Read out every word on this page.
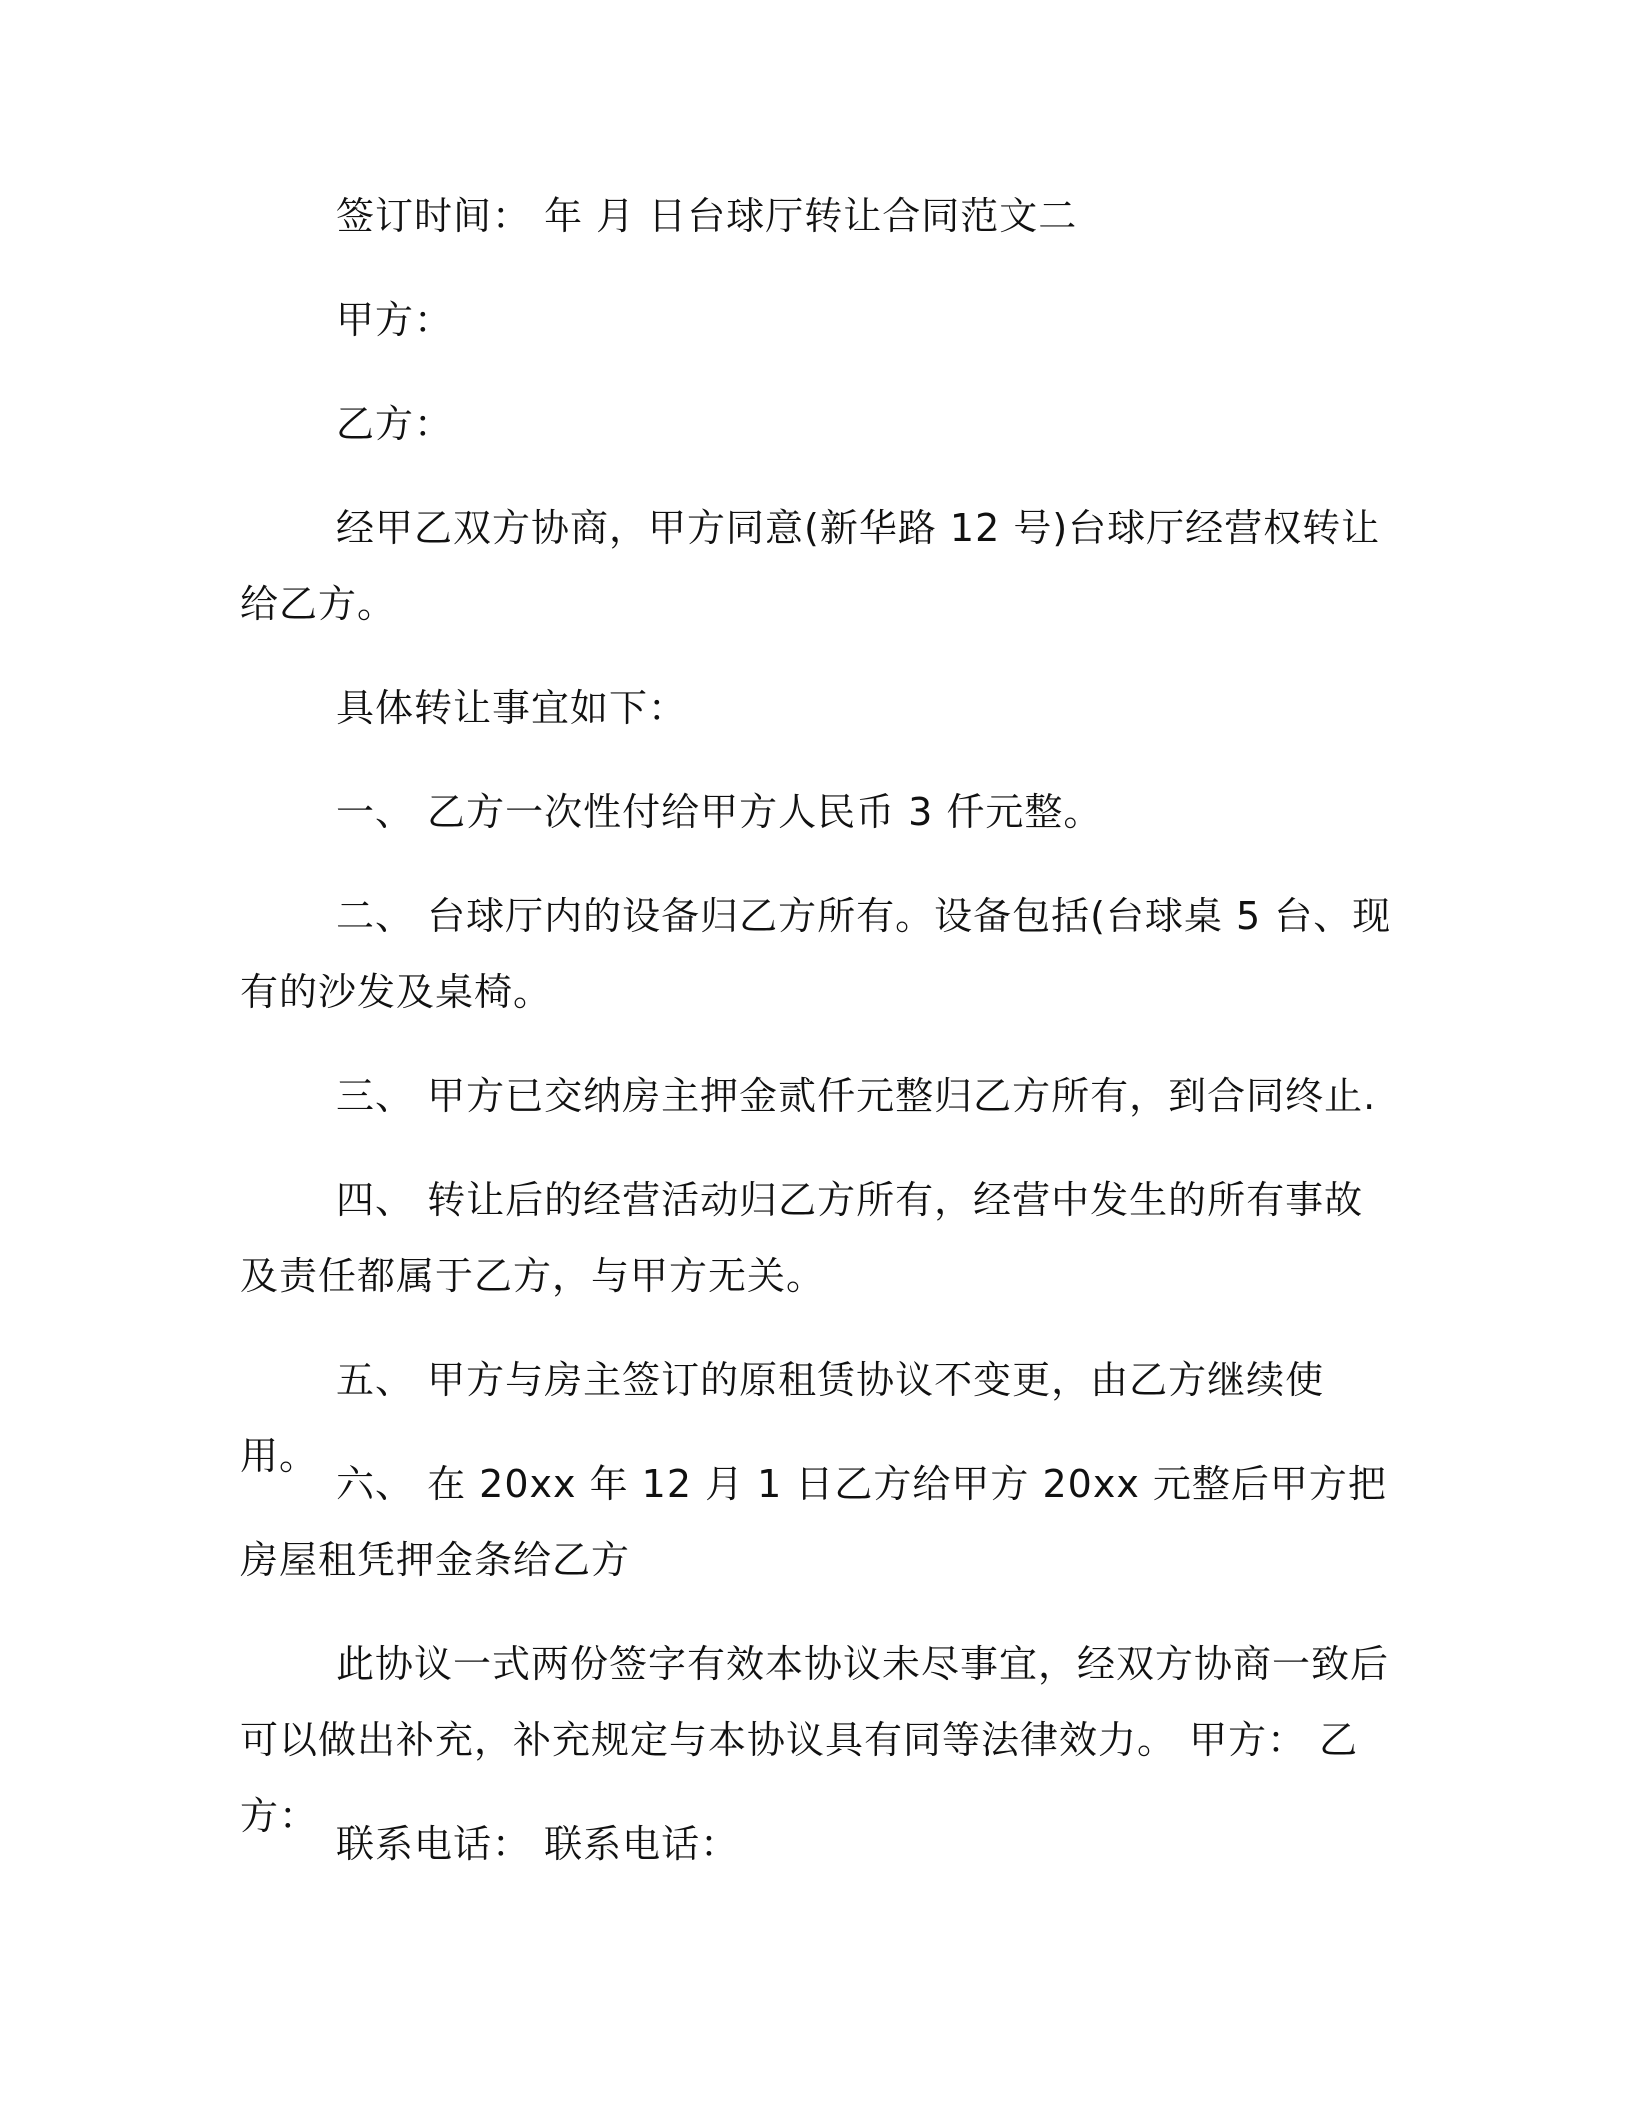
签订时间： 年 月 日台球厅转让合同范文二

甲方：

乙方：

经甲乙双方协商，甲方同意(新华路 12 号)台球厅经营权转让给乙方。

具体转让事宜如下：

一、 乙方一次性付给甲方人民币 3 仟元整。

二、 台球厅内的设备归乙方所有。设备包括(台球桌 5 台、现有的沙发及桌椅。

三、 甲方已交纳房主押金贰仟元整归乙方所有，到合同终止.

四、 转让后的经营活动归乙方所有，经营中发生的所有事故及责任都属于乙方，与甲方无关。

五、 甲方与房主签订的原租赁协议不变更，由乙方继续使用。

六、 在 20xx 年 12 月 1 日乙方给甲方 20xx 元整后甲方把房屋租凭押金条给乙方

此协议一式两份签字有效本协议未尽事宜，经双方协商一致后可以做出补充，补充规定与本协议具有同等法律效力。 甲方： 乙方：

联系电话： 联系电话：
